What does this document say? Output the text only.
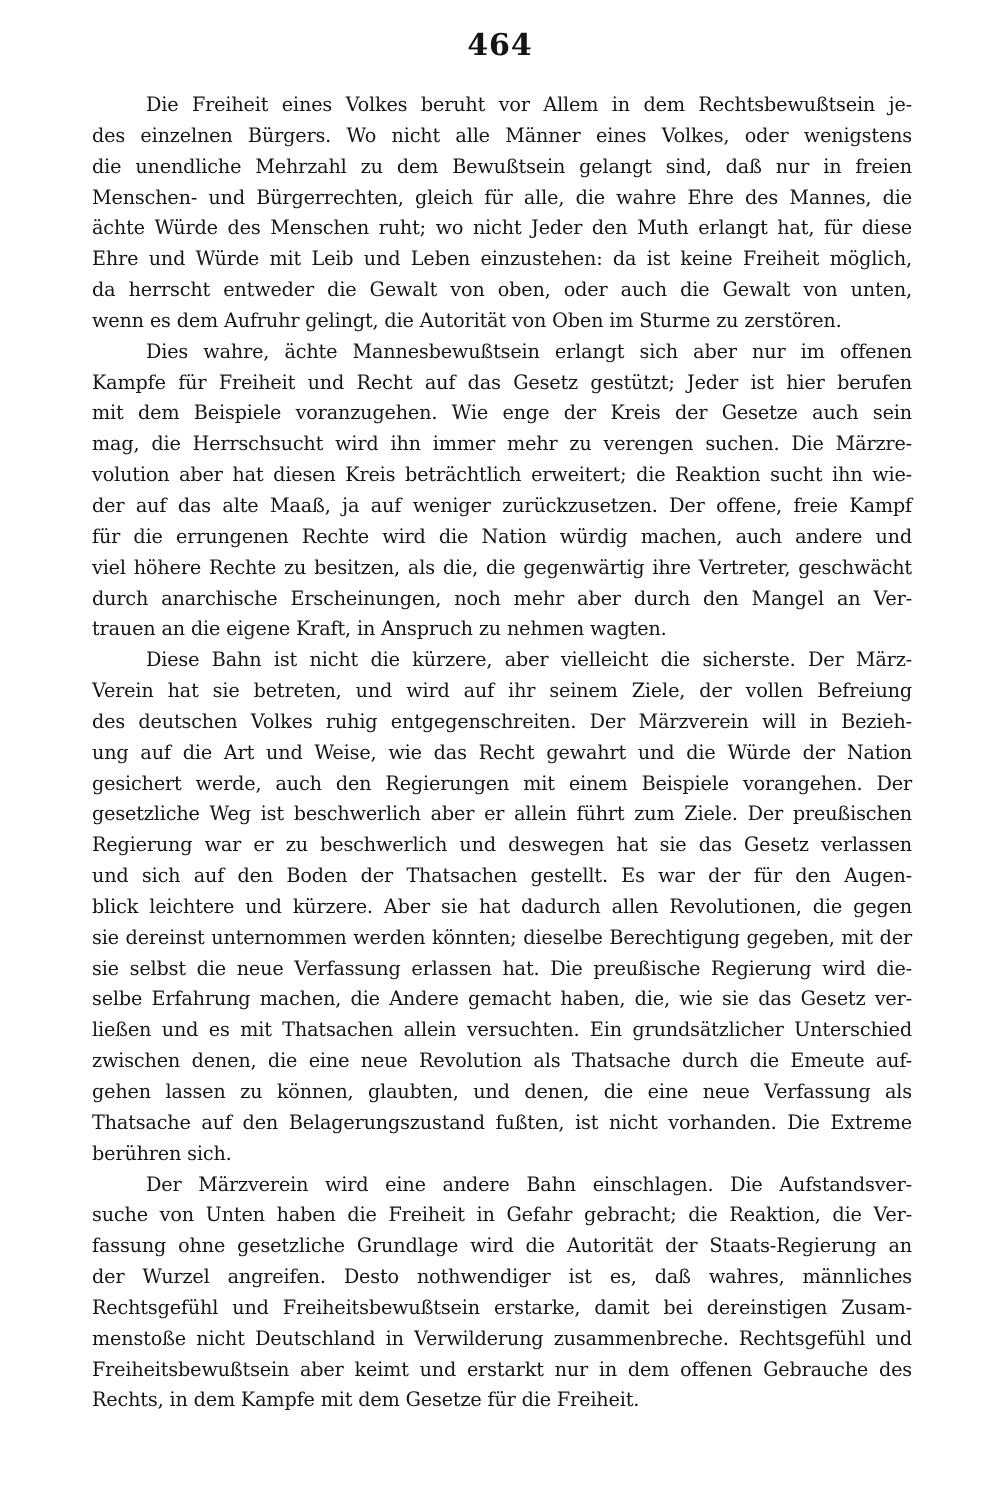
464
Die Freiheit eines Volkes beruht vor Allem in dem Rechtsbewußtsein je-
des einzelnen Bürgers. Wo nicht alle Männer eines Volkes, oder wenigstens
die unendliche Mehrzahl zu dem Bewußtsein gelangt sind, daß nur in freien
Menschen- und Bürgerrechten, gleich für alle, die wahre Ehre des Mannes, die
ächte Würde des Menschen ruht; wo nicht Jeder den Muth erlangt hat, für diese
Ehre und Würde mit Leib und Leben einzustehen: da ist keine Freiheit möglich,
da herrscht entweder die Gewalt von oben, oder auch die Gewalt von unten,
wenn es dem Aufruhr gelingt, die Autorität von Oben im Sturme zu zerstören.
Dies wahre, ächte Mannesbewußtsein erlangt sich aber nur im offenen
Kampfe für Freiheit und Recht auf das Gesetz gestützt; Jeder ist hier berufen
mit dem Beispiele voranzugehen. Wie enge der Kreis der Gesetze auch sein
mag, die Herrschsucht wird ihn immer mehr zu verengen suchen. Die Märzre-
volution aber hat diesen Kreis beträchtlich erweitert; die Reaktion sucht ihn wie-
der auf das alte Maaß, ja auf weniger zurückzusetzen. Der offene, freie Kampf
für die errungenen Rechte wird die Nation würdig machen, auch andere und
viel höhere Rechte zu besitzen, als die, die gegenwärtig ihre Vertreter, geschwächt
durch anarchische Erscheinungen, noch mehr aber durch den Mangel an Ver-
trauen an die eigene Kraft, in Anspruch zu nehmen wagten.
Diese Bahn ist nicht die kürzere, aber vielleicht die sicherste. Der März-
Verein hat sie betreten, und wird auf ihr seinem Ziele, der vollen Befreiung
des deutschen Volkes ruhig entgegenschreiten. Der Märzverein will in Bezieh-
ung auf die Art und Weise, wie das Recht gewahrt und die Würde der Nation
gesichert werde, auch den Regierungen mit einem Beispiele vorangehen. Der
gesetzliche Weg ist beschwerlich aber er allein führt zum Ziele. Der preußischen
Regierung war er zu beschwerlich und deswegen hat sie das Gesetz verlassen
und sich auf den Boden der Thatsachen gestellt. Es war der für den Augen-
blick leichtere und kürzere. Aber sie hat dadurch allen Revolutionen, die gegen
sie dereinst unternommen werden könnten; dieselbe Berechtigung gegeben, mit der
sie selbst die neue Verfassung erlassen hat. Die preußische Regierung wird die-
selbe Erfahrung machen, die Andere gemacht haben, die, wie sie das Gesetz ver-
ließen und es mit Thatsachen allein versuchten. Ein grundsätzlicher Unterschied
zwischen denen, die eine neue Revolution als Thatsache durch die Emeute auf-
gehen lassen zu können, glaubten, und denen, die eine neue Verfassung als
Thatsache auf den Belagerungszustand fußten, ist nicht vorhanden. Die Extreme
berühren sich.
Der Märzverein wird eine andere Bahn einschlagen. Die Aufstandsver-
suche von Unten haben die Freiheit in Gefahr gebracht; die Reaktion, die Ver-
fassung ohne gesetzliche Grundlage wird die Autorität der Staats-Regierung an
der Wurzel angreifen. Desto nothwendiger ist es, daß wahres, männliches
Rechtsgefühl und Freiheitsbewußtsein erstarke, damit bei dereinstigen Zusam-
menstoße nicht Deutschland in Verwilderung zusammenbreche. Rechtsgefühl und
Freiheitsbewußtsein aber keimt und erstarkt nur in dem offenen Gebrauche des
Rechts, in dem Kampfe mit dem Gesetze für die Freiheit.
